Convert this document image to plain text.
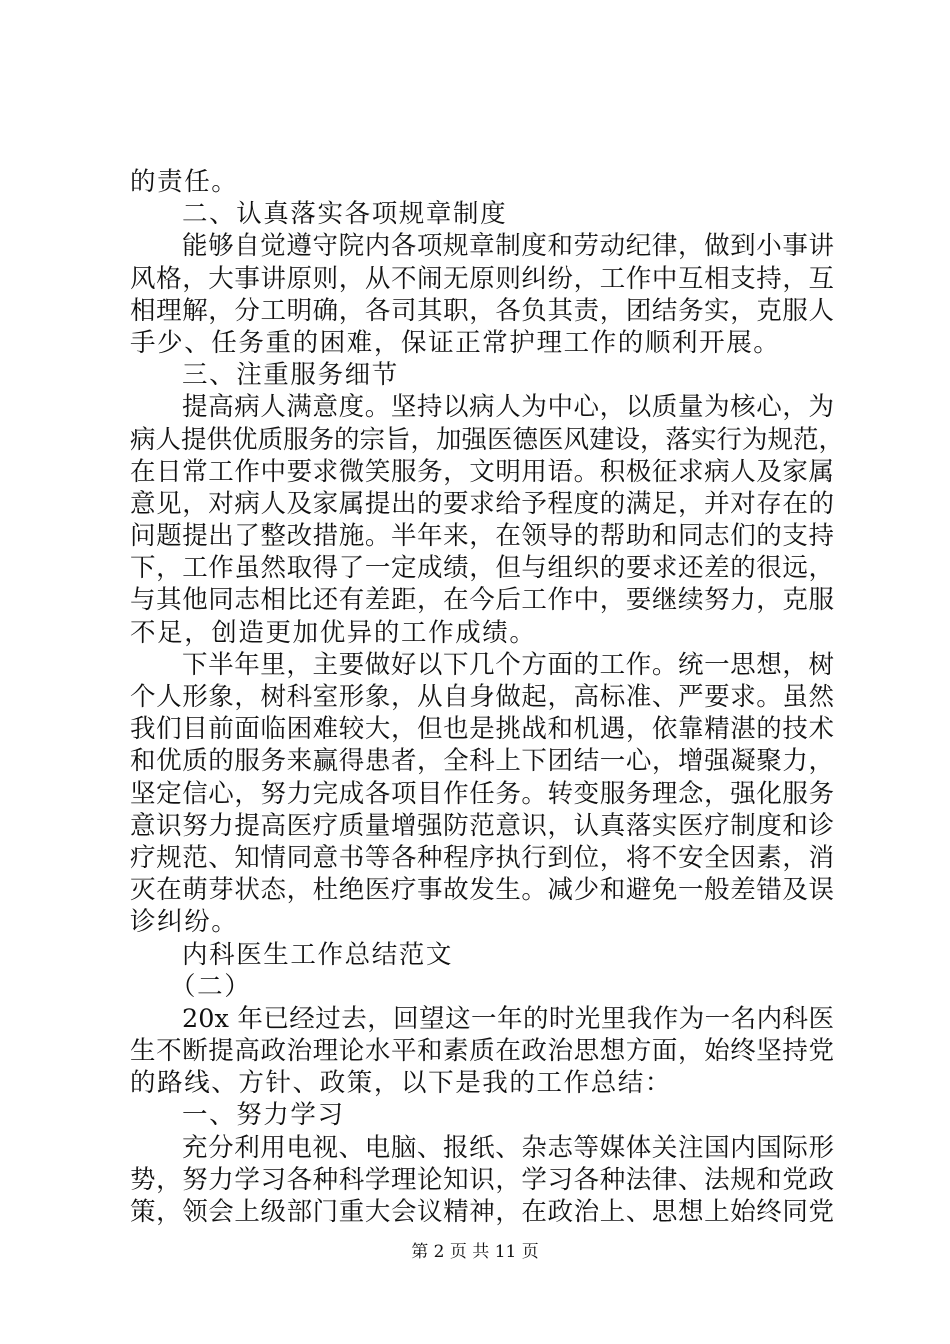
的责任。
二、认真落实各项规章制度
能够自觉遵守院内各项规章制度和劳动纪律，做到小事讲
风格，大事讲原则，从不闹无原则纠纷，工作中互相支持，互
相理解，分工明确，各司其职，各负其责，团结务实，克服人
手少、任务重的困难，保证正常护理工作的顺利开展。
三、注重服务细节
提高病人满意度。坚持以病人为中心，以质量为核心，为
病人提供优质服务的宗旨，加强医德医风建设，落实行为规范，
在日常工作中要求微笑服务，文明用语。积极征求病人及家属
意见，对病人及家属提出的要求给予程度的满足，并对存在的
问题提出了整改措施。半年来，在领导的帮助和同志们的支持
下，工作虽然取得了一定成绩，但与组织的要求还差的很远，
与其他同志相比还有差距，在今后工作中，要继续努力，克服
不足，创造更加优异的工作成绩。
下半年里，主要做好以下几个方面的工作。统一思想，树
个人形象，树科室形象，从自身做起，高标准、严要求。虽然
我们目前面临困难较大，但也是挑战和机遇，依靠精湛的技术
和优质的服务来赢得患者，全科上下团结一心，增强凝聚力，
坚定信心，努力完成各项目作任务。转变服务理念，强化服务
意识努力提高医疗质量增强防范意识，认真落实医疗制度和诊
疗规范、知情同意书等各种程序执行到位，将不安全因素，消
灭在萌芽状态，杜绝医疗事故发生。减少和避免一般差错及误
诊纠纷。
内科医生工作总结范文
（二）
20x 年已经过去，回望这一年的时光里我作为一名内科医
生不断提高政治理论水平和素质在政治思想方面，始终坚持党
的路线、方针、政策，以下是我的工作总结：
一、努力学习
充分利用电视、电脑、报纸、杂志等媒体关注国内国际形
势，努力学习各种科学理论知识，学习各种法律、法规和党政
策，领会上级部门重大会议精神，在政治上、思想上始终同党
第 2 页 共 11 页
